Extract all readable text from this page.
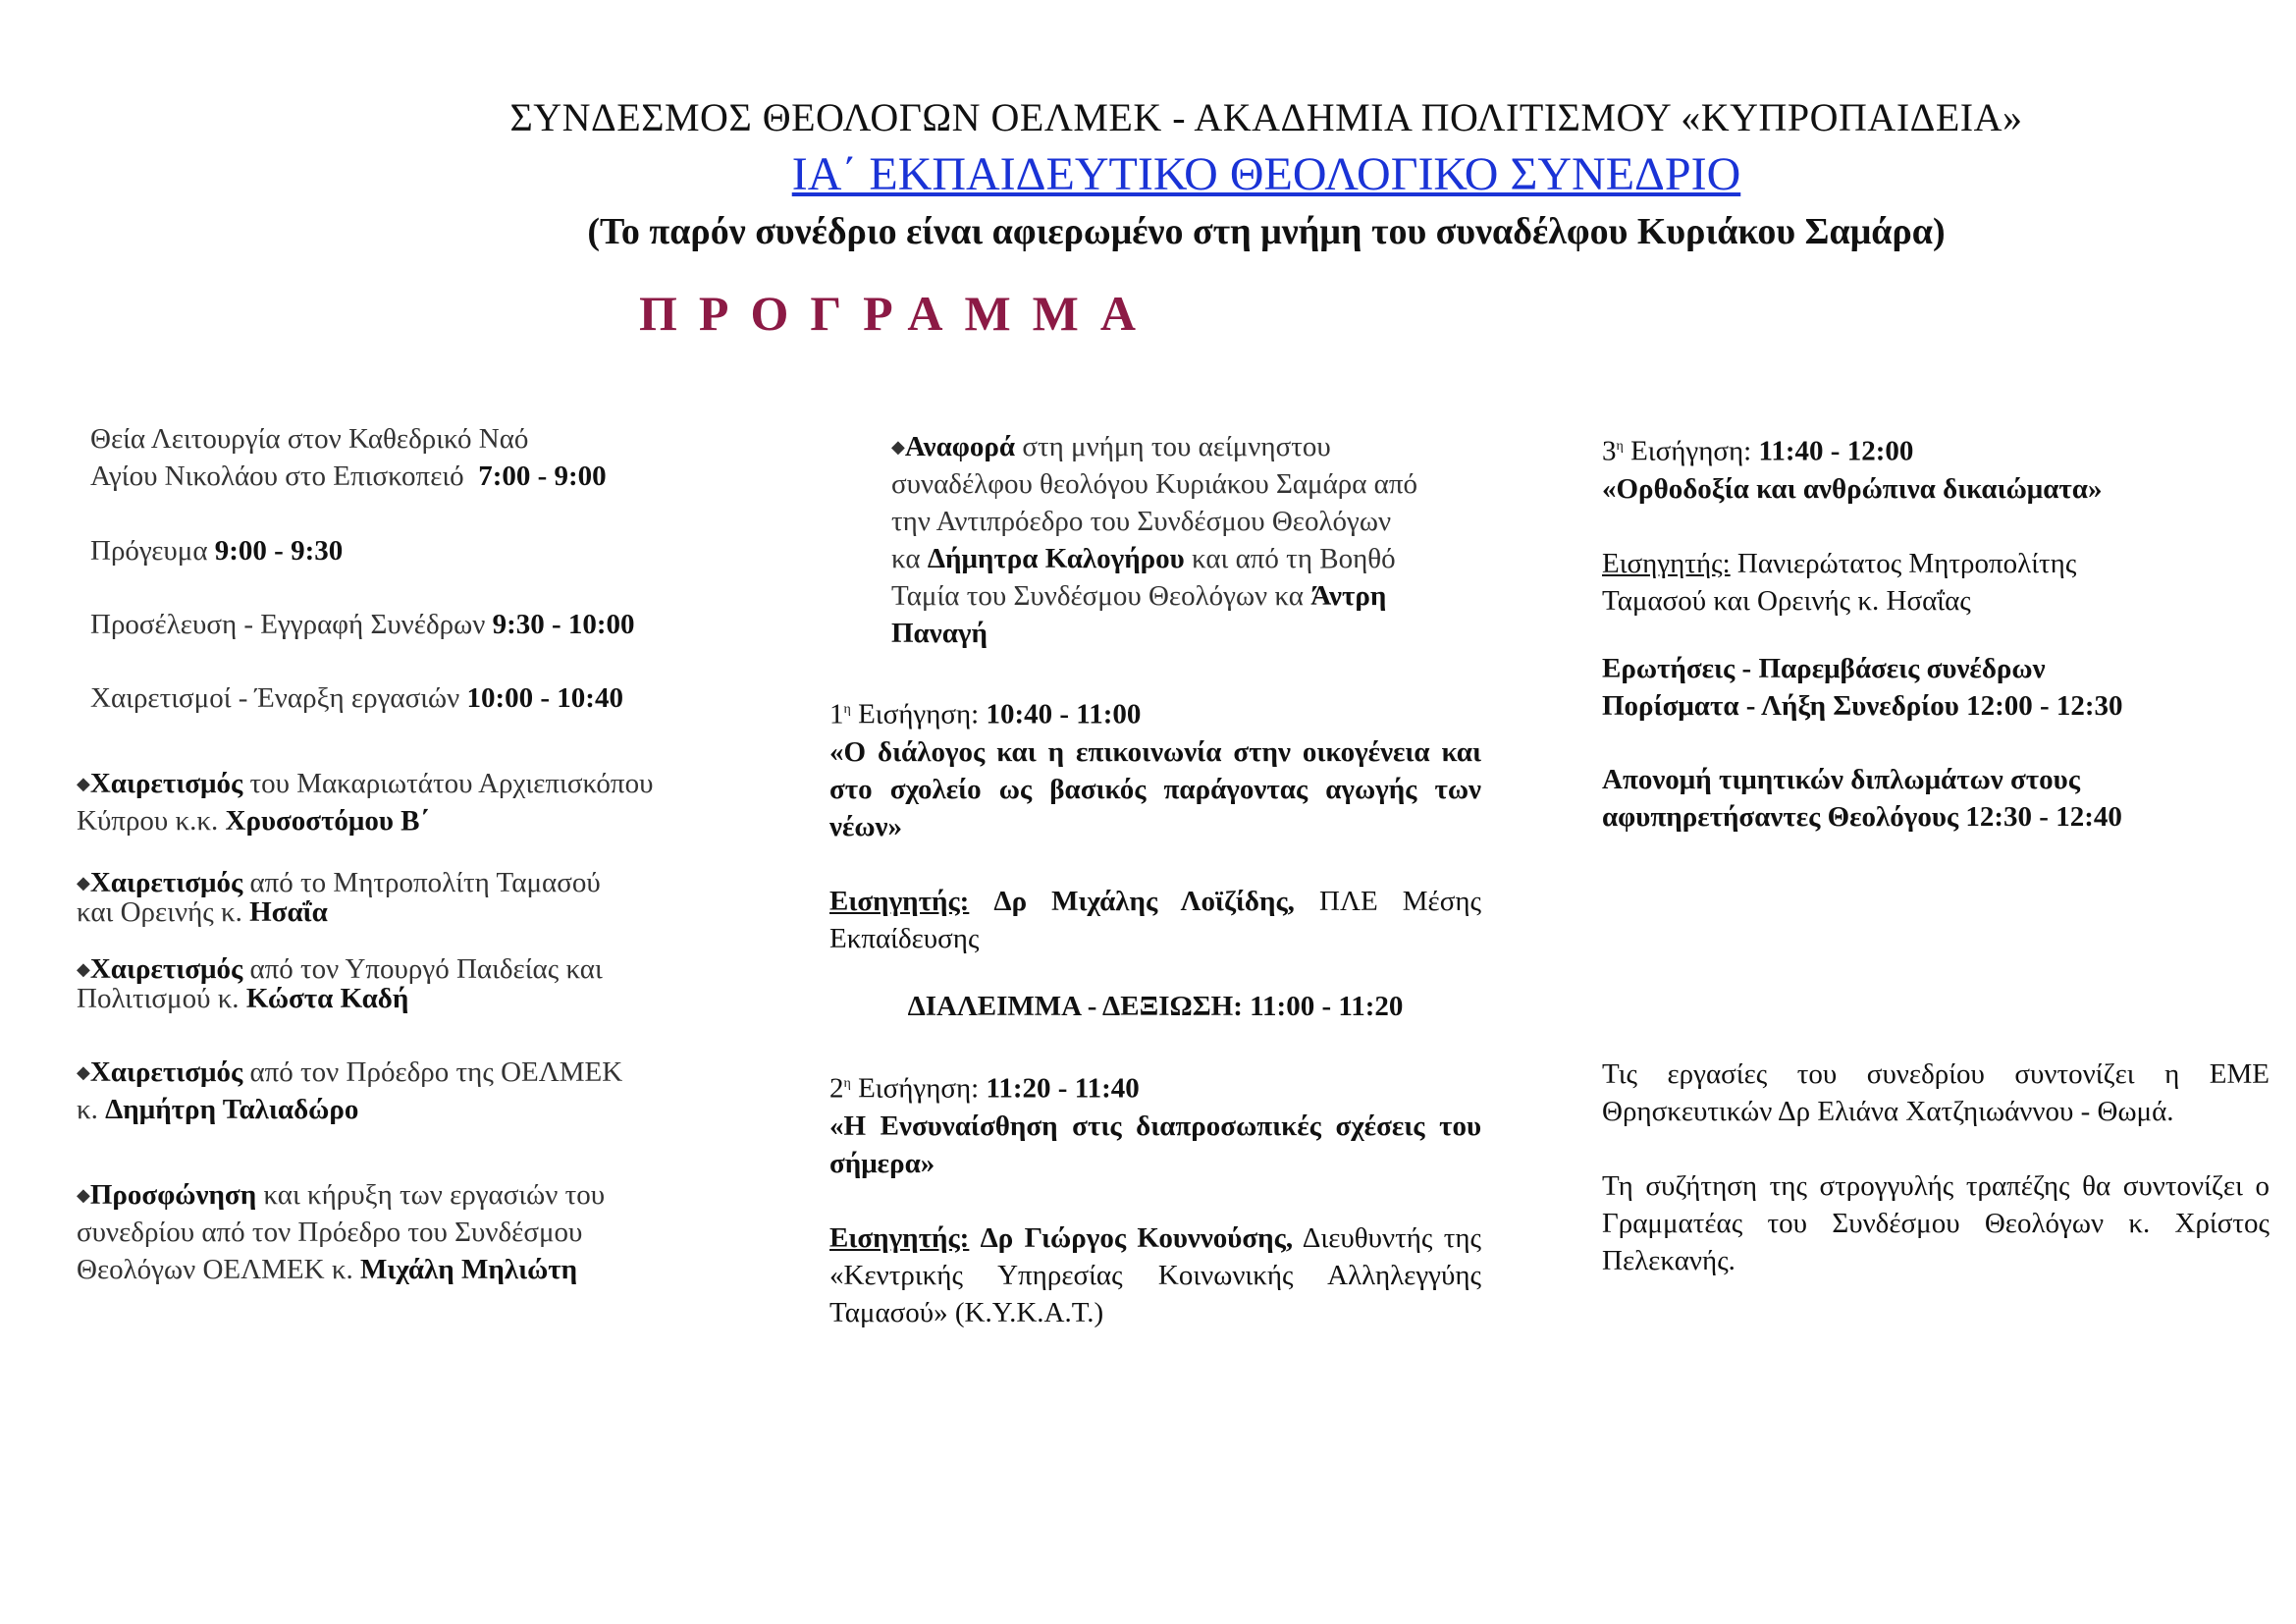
ΣΥΝΔΕΣΜΟΣ ΘΕΟΛΟΓΩΝ ΟΕΛΜΕΚ - ΑΚΑΔΗΜΙΑ ΠΟΛΙΤΙΣΜΟΥ «ΚΥΠΡΟΠΑΙΔΕΙΑ»
ΙΑ΄ ΕΚΠΑΙΔΕΥΤΙΚΟ ΘΕΟΛΟΓΙΚΟ ΣΥΝΕΔΡΙΟ
(Το παρόν συνέδριο είναι αφιερωμένο στη μνήμη του συναδέλφου Κυριάκου Σαμάρα)
ΠΡΟΓΡΑΜΜΑ

Θεία Λειτουργία στον Καθεδρικό Ναό

Αγίου Νικολάου στο Επισκοπειό 7:00 - 9:00

Πρόγευμα 9:00 - 9:30

Προσέλευση - Εγγραφή Συνέδρων 9:30 - 10:00

Χαιρετισμοί - Έναρξη εργασιών 10:00 - 10:40

◆Χαιρετισμός του Μακαριωτάτου Αρχιεπισκόπου

Κύπρου κ.κ. Χρυσοστόμου Β΄

◆Χαιρετισμός από το Μητροπολίτη Ταμασού

και Ορεινής κ. Ησαΐα

◆Χαιρετισμός από τον Υπουργό Παιδείας και

Πολιτισμού κ. Κώστα Καδή

◆Χαιρετισμός από τον Πρόεδρο της ΟΕΛΜΕΚ

κ. Δημήτρη Ταλιαδώρο

◆Προσφώνηση και κήρυξη των εργασιών του

συνεδρίου από τον Πρόεδρο του Συνδέσμου

Θεολόγων ΟΕΛΜΕΚ κ. Μιχάλη Μηλιώτη

◆Αναφορά στη μνήμη του αείμνηστου

συναδέλφου θεολόγου Κυριάκου Σαμάρα από

την Αντιπρόεδρο του Συνδέσμου Θεολόγων

κα Δήμητρα Καλογήρου και από τη Βοηθό

Ταμία του Συνδέσμου Θεολόγων κα Άντρη

Παναγή

$1^\eta$ Εισήγηση: 10:40 - 11:00

«Ο διάλογος και η επικοινωνία στην οικογένεια και στο σχολείο ως βασικός παράγοντας αγωγής των νέων»

Εισηγητής: Δρ Μιχάλης Λοϊζίδης, ΠΛΕ Μέσης Εκπαίδευσης

ΔΙΑΛΕΙΜΜΑ - ΔΕΞΙΩΣΗ: 11:00 - 11:20

$2^\eta$ Εισήγηση: 11:20 - 11:40

«Η Ενσυναίσθηση στις διαπροσωπικές σχέσεις του σήμερα»

Εισηγητής: Δρ Γιώργος Κουννούσης, Διευθυντής της «Κεντρικής Υπηρεσίας Κοινωνικής Αλληλεγγύης Ταμασού» (Κ.Υ.Κ.Α.Τ.)

$3^\eta$ Εισήγηση: 11:40 - 12:00

«Ορθοδοξία και ανθρώπινα δικαιώματα»

Εισηγητής: Πανιερώτατος Μητροπολίτης

Ταμασού και Ορεινής κ. Ησαΐας

Ερωτήσεις - Παρεμβάσεις συνέδρων

Πορίσματα - Λήξη Συνεδρίου 12:00 - 12:30

Απονομή τιμητικών διπλωμάτων στους

αφυπηρετήσαντες Θεολόγους 12:30 - 12:40

Τις εργασίες του συνεδρίου συντονίζει η ΕΜΕ Θρησκευτικών Δρ Ελιάνα Χατζηιωάννου - Θωμά.

Τη συζήτηση της στρογγυλής τραπέζης θα συντονίζει ο Γραμματέας του Συνδέσμου Θεολόγων κ. Χρίστος Πελεκανής.
